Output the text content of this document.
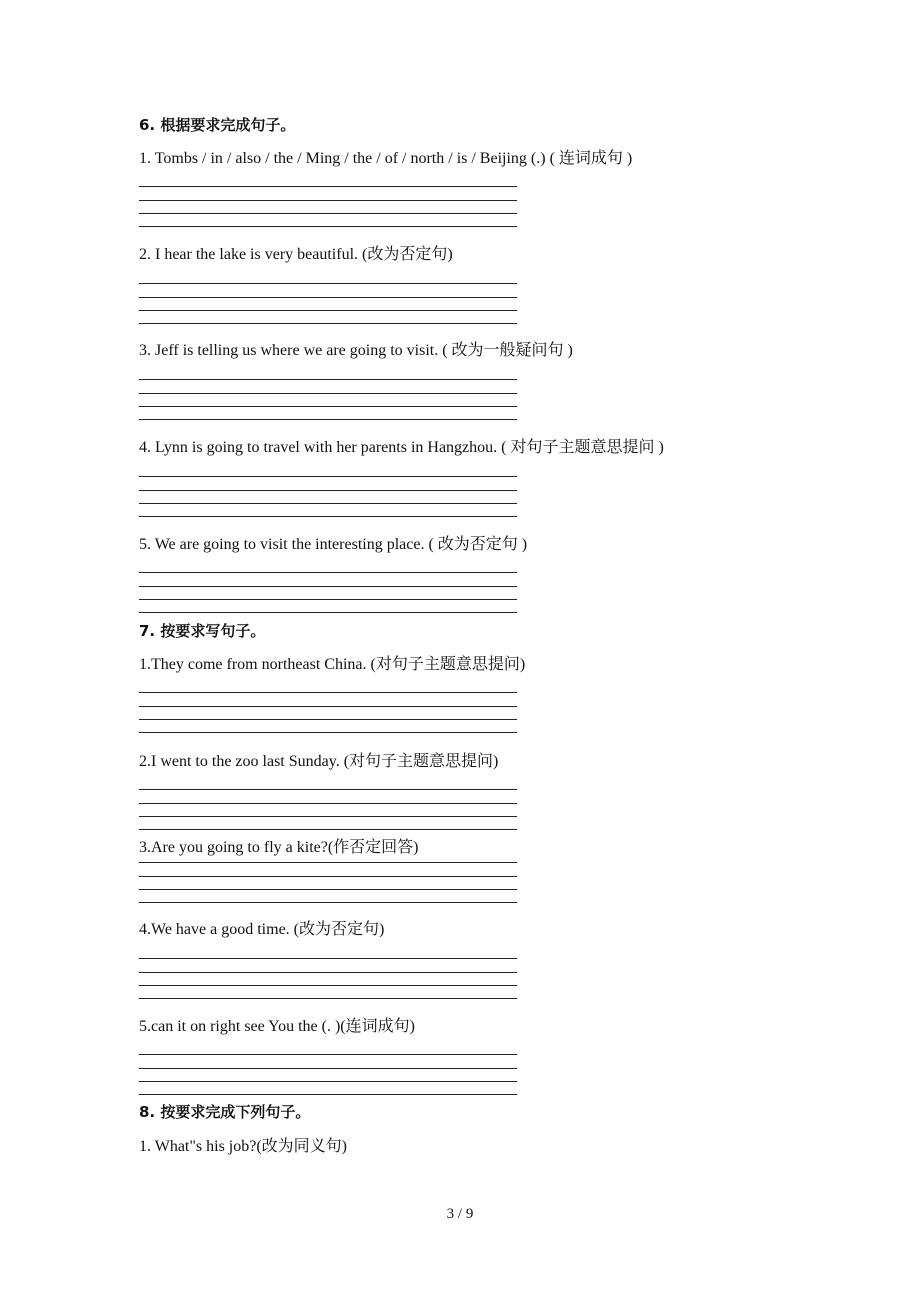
6. 根据要求完成句子。
1. Tombs / in / also / the / Ming / the / of / north / is / Beijing (.) ( 连词成句 )
2. I hear the lake is very beautiful. (改为否定句)
3. Jeff is telling us where we are going to visit. ( 改为一般疑问句 )
4. Lynn is going to travel with her parents in Hangzhou. ( 对句子主题意思提问 )
5. We are going to visit the interesting place. ( 改为否定句 )
7. 按要求写句子。
1.They come from northeast China. (对句子主题意思提问)
2.I went to the zoo last Sunday. (对句子主题意思提问)
3.Are you going to fly a kite?(作否定回答)
4.We have a good time. (改为否定句)
5.can it on right see You the (. )(连词成句)
8. 按要求完成下列句子。
1. What"s his job?(改为同义句)
3 / 9
